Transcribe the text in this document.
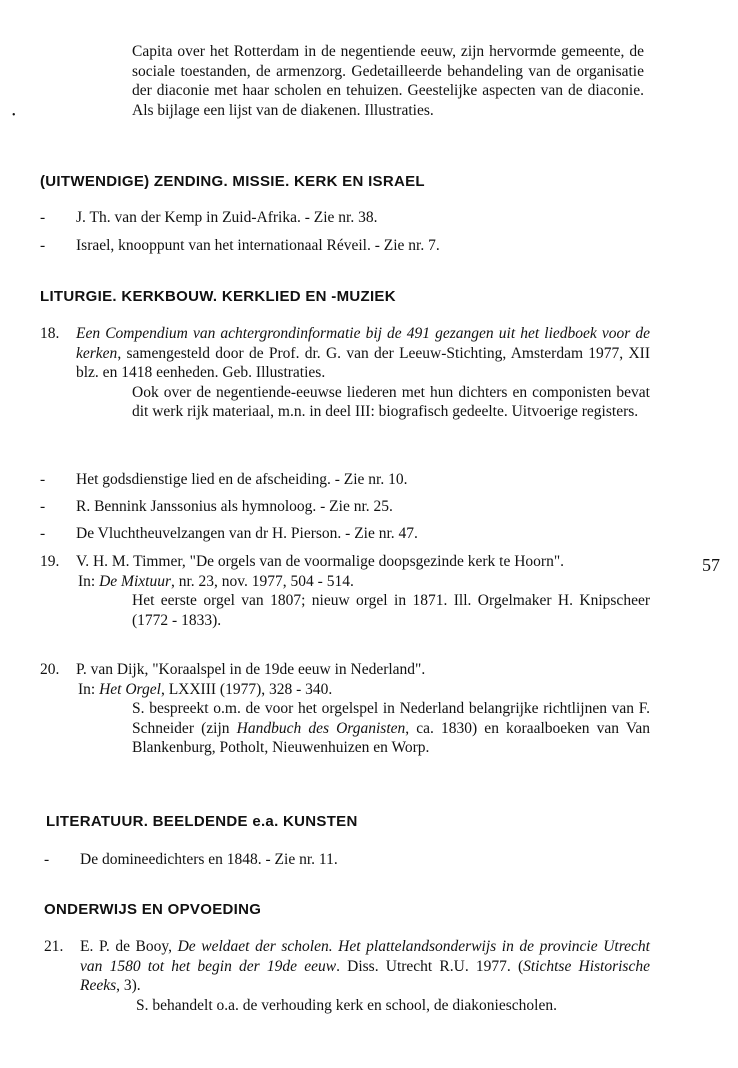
•

Capita over het Rotterdam in de negentiende eeuw, zijn hervormde gemeente, de sociale toestanden, de armenzorg. Gedetailleerde behandeling van de organisatie der diaconie met haar scholen en tehuizen. Geestelijke aspecten van de diaconie. Als bijlage een lijst van de diakenen. Illustraties.

(UITWENDIGE) ZENDING. MISSIE. KERK EN ISRAEL
- J. Th. van der Kemp in Zuid-Afrika. - Zie nr. 38.
- Israel, knooppunt van het internationaal Réveil. - Zie nr. 7.
LITURGIE. KERKBOUW. KERKLIED EN -MUZIEK
18.	Een Compendium van achtergrondinformatie bij de 491 gezangen uit het liedboek voor de kerken, samengesteld door de Prof. dr. G. van der Leeuw-Stichting, Amsterdam 1977, XII blz. en 1418 eenheden. Geb. Illustraties.

Ook over de negentiende-eeuwse liederen met hun dichters en componisten bevat dit werk rijk materiaal, m.n. in deel III: biografisch gedeelte. Uitvoerige registers.

- Het godsdienstige lied en de afscheiding. - Zie nr. 10.
- R. Bennink Janssonius als hymnoloog. - Zie nr. 25.
- De Vluchtheuvelzangen van dr H. Pierson. - Zie nr. 47.
19.	V. H. M. Timmer, "De orgels van de voormalige doopsgezinde kerk te Hoorn".

In: De Mixtuur, nr. 23, nov. 1977, 504 - 514.

Het eerste orgel van 1807; nieuw orgel in 1871. Ill. Orgelmaker H. Knipscheer (1772 - 1833).

20.	P. van Dijk, "Koraalspel in de 19de eeuw in Nederland".

In: Het Orgel, LXXIII (1977), 328 - 340.

S. bespreekt o.m. de voor het orgelspel in Nederland belangrijke richtlijnen van F. Schneider (zijn Handbuch des Organisten, ca. 1830) en koraalboeken van Van Blankenburg, Potholt, Nieuwenhuizen en Worp.

LITERATUUR. BEELDENDE e.a. KUNSTEN
- De domineedichters en 1848. - Zie nr. 11.
ONDERWIJS EN OPVOEDING
21.	E. P. de Booy, De weldaet der scholen. Het plattelandsonderwijs in de provincie Utrecht van 1580 tot het begin der 19de eeuw. Diss. Utrecht R.U. 1977. (Stichtse Historische Reeks, 3).

S. behandelt o.a. de verhouding kerk en school, de diakoniescholen.

57
